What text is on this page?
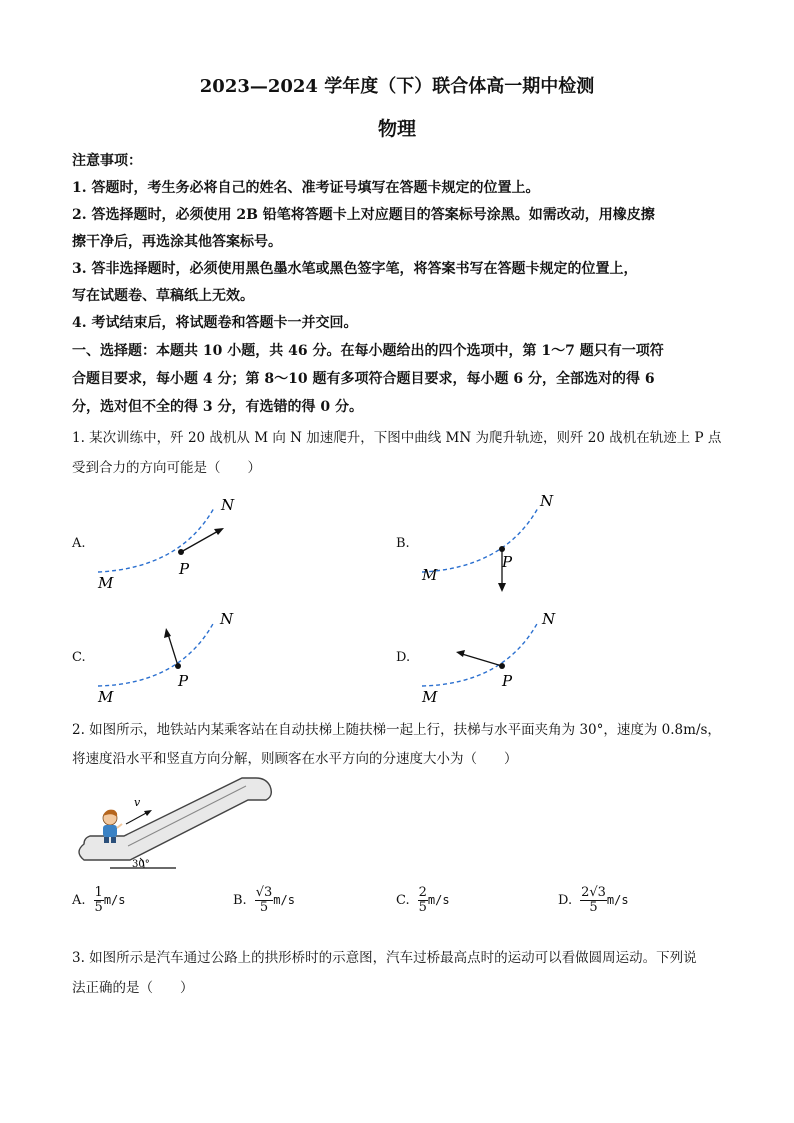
2023—2024 学年度（下）联合体高一期中检测
物理
注意事项：
1. 答题时，考生务必将自己的姓名、准考证号填写在答题卡规定的位置上。
2. 答选择题时，必须使用 2B 铅笔将答题卡上对应题目的答案标号涂黑。如需改动，用橡皮擦
擦干净后，再选涂其他答案标号。
3. 答非选择题时，必须使用黑色墨水笔或黑色签字笔，将答案书写在答题卡规定的位置上，
写在试题卷、草稿纸上无效。
4. 考试结束后，将试题卷和答题卡一并交回。
一、选择题：本题共 10 小题，共 46 分。在每小题给出的四个选项中，第 1～7 题只有一项符
合题目要求，每小题 4 分；第 8～10 题有多项符合题目要求，每小题 6 分，全部选对的得 6
分，选对但不全的得 3 分，有选错的得 0 分。
1. 某次训练中，歼 20 战机从 M 向 N 加速爬升，下图中曲线 MN 为爬升轨迹，则歼 20 战机在轨迹上 P 点
受到合力的方向可能是（　　）
A.
M
N
P
B.
M
N
P
C.
M
N
P
D.
M
N
P
2. 如图所示，地铁站内某乘客站在自动扶梯上随扶梯一起上行，扶梯与水平面夹角为 30°，速度为 0.8m/s，
将速度沿水平和竖直方向分解，则顾客在水平方向的分速度大小为（　　）
30°
v
A. $\frac{1}{5} m/s$	B. $\frac{√3}{5} m/s$	C. $\frac{2}{5} m/s$	D. $\frac{2√3}{5} m/s$
3. 如图所示是汽车通过公路上的拱形桥时的示意图，汽车过桥最高点时的运动可以看做圆周运动。下列说
法正确的是（　　）
